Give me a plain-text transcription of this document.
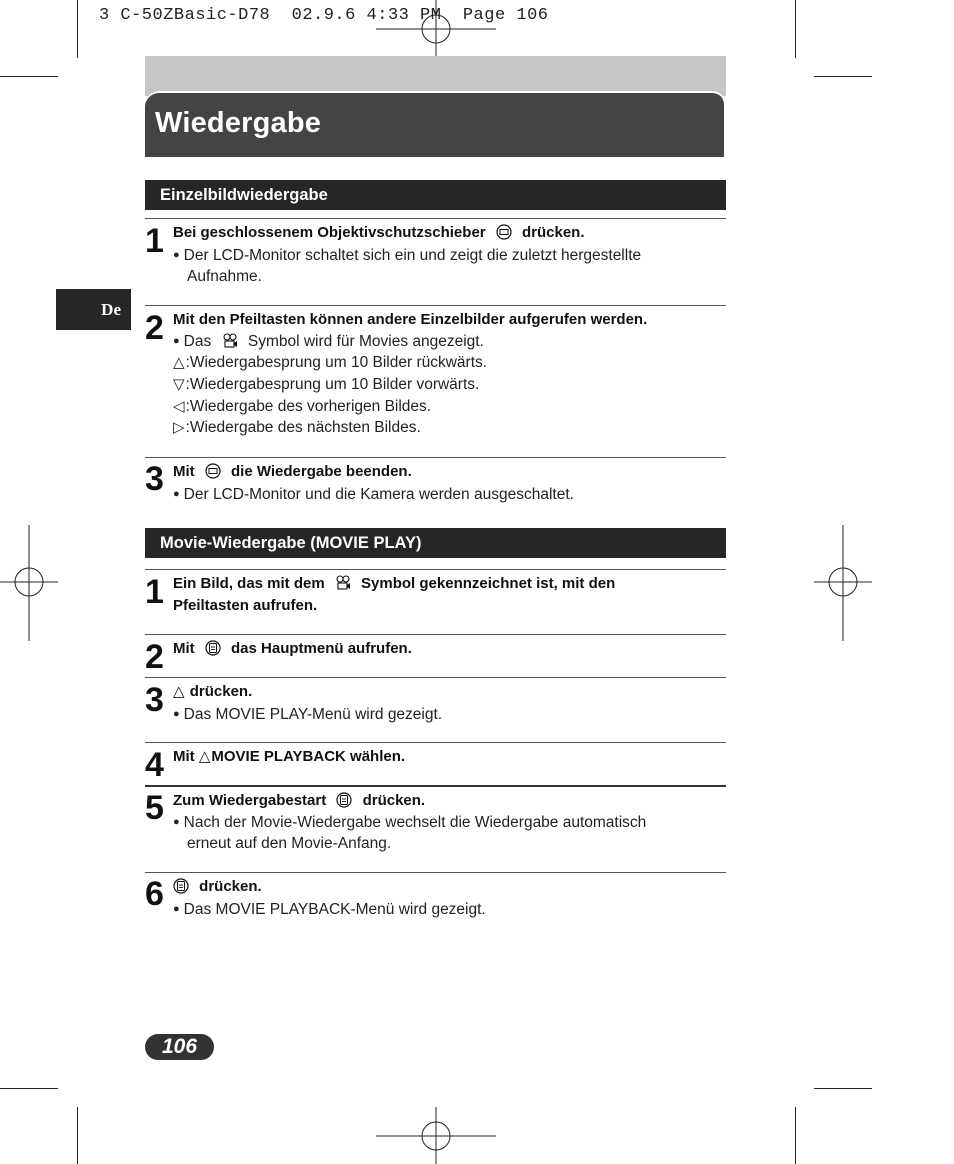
3 C-50ZBasic-D78  02.9.6 4:33 PM  Page 106
Wiedergabe
De
Einzelbildwiedergabe
1 Bei geschlossenem Objektivschutzschieber drücken.
● Der LCD-Monitor schaltet sich ein und zeigt die zuletzt hergestellte
Aufnahme.
2 Mit den Pfeiltasten können andere Einzelbilder aufgerufen werden.
● Das Symbol wird für Movies angezeigt.
△:Wiedergabesprung um 10 Bilder rückwärts.
▽:Wiedergabesprung um 10 Bilder vorwärts.
◁:Wiedergabe des vorherigen Bildes.
▷:Wiedergabe des nächsten Bildes.
3 Mit die Wiedergabe beenden.
● Der LCD-Monitor und die Kamera werden ausgeschaltet.
Movie-Wiedergabe (MOVIE PLAY)
1 Ein Bild, das mit dem Symbol gekennzeichnet ist, mit den
Pfeiltasten aufrufen.
2 Mit das Hauptmenü aufrufen.
3 △ drücken.
● Das MOVIE PLAY-Menü wird gezeigt.
4 Mit △MOVIE PLAYBACK wählen.
5 Zum Wiedergabestart drücken.
● Nach der Movie-Wiedergabe wechselt die Wiedergabe automatisch
erneut auf den Movie-Anfang.
6	drücken.
● Das MOVIE PLAYBACK-Menü wird gezeigt.
106
